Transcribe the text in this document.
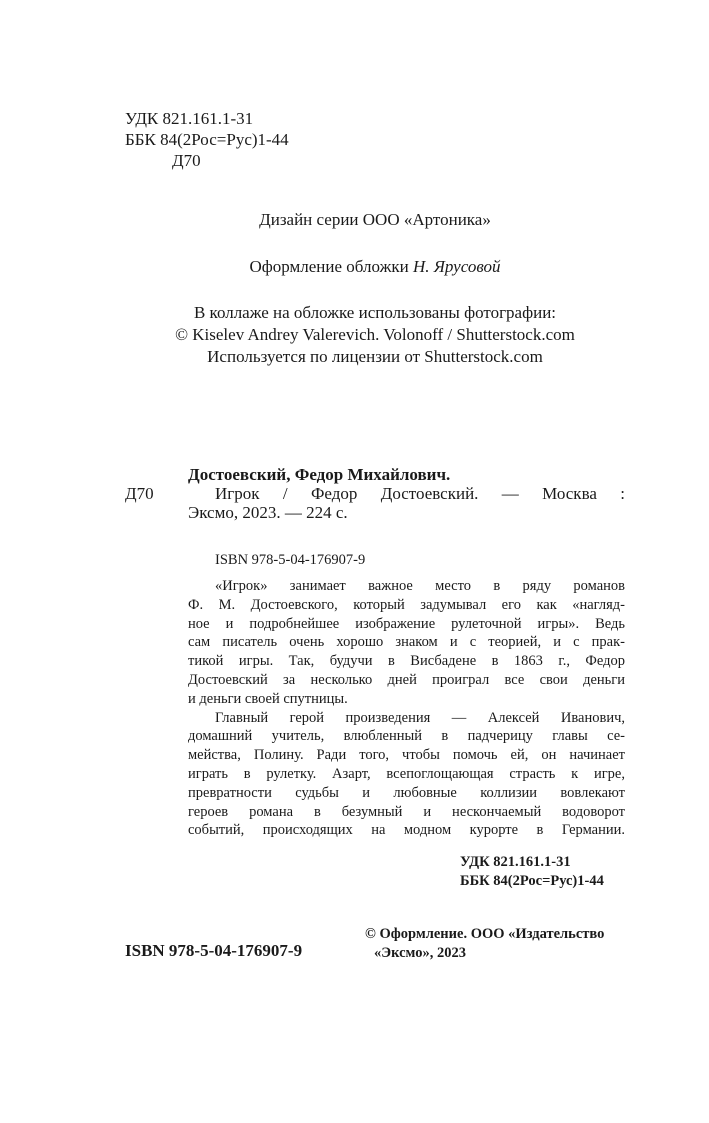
УДК 821.161.1-31
ББК 84(2Рос=Рус)1-44
Д70
Дизайн серии ООО «Артоника»
Оформление обложки Н. Ярусовой
В коллаже на обложке использованы фотографии:
© Kiselev Andrey Valerevich. Volonoff / Shutterstock.com
Используется по лицензии от Shutterstock.com
Достоевский, Федор Михайлович.
Д70	Игрок / Федор Достоевский. — Москва :
Эксмо, 2023. — 224 с.
ISBN 978-5-04-176907-9
«Игрок» занимает важное место в ряду романов
Ф. М. Достоевского, который задумывал его как «нагляд-
ное и подробнейшее изображение рулеточной игры». Ведь
сам писатель очень хорошо знаком и с теорией, и с прак-
тикой игры. Так, будучи в Висбадене в 1863 г., Федор
Достоевский за несколько дней проиграл все свои деньги
и деньги своей спутницы.
Главный герой произведения — Алексей Иванович,
домашний учитель, влюбленный в падчерицу главы се-
мейства, Полину. Ради того, чтобы помочь ей, он начинает
играть в рулетку. Азарт, всепоглощающая страсть к игре,
превратности судьбы и любовные коллизии вовлекают
героев романа в безумный и нескончаемый водоворот
событий, происходящих на модном курорте в Германии.
УДК 821.161.1-31
ББК 84(2Рос=Рус)1-44
ISBN 978-5-04-176907-9
© Оформление. ООО «Издательство
«Эксмо», 2023
